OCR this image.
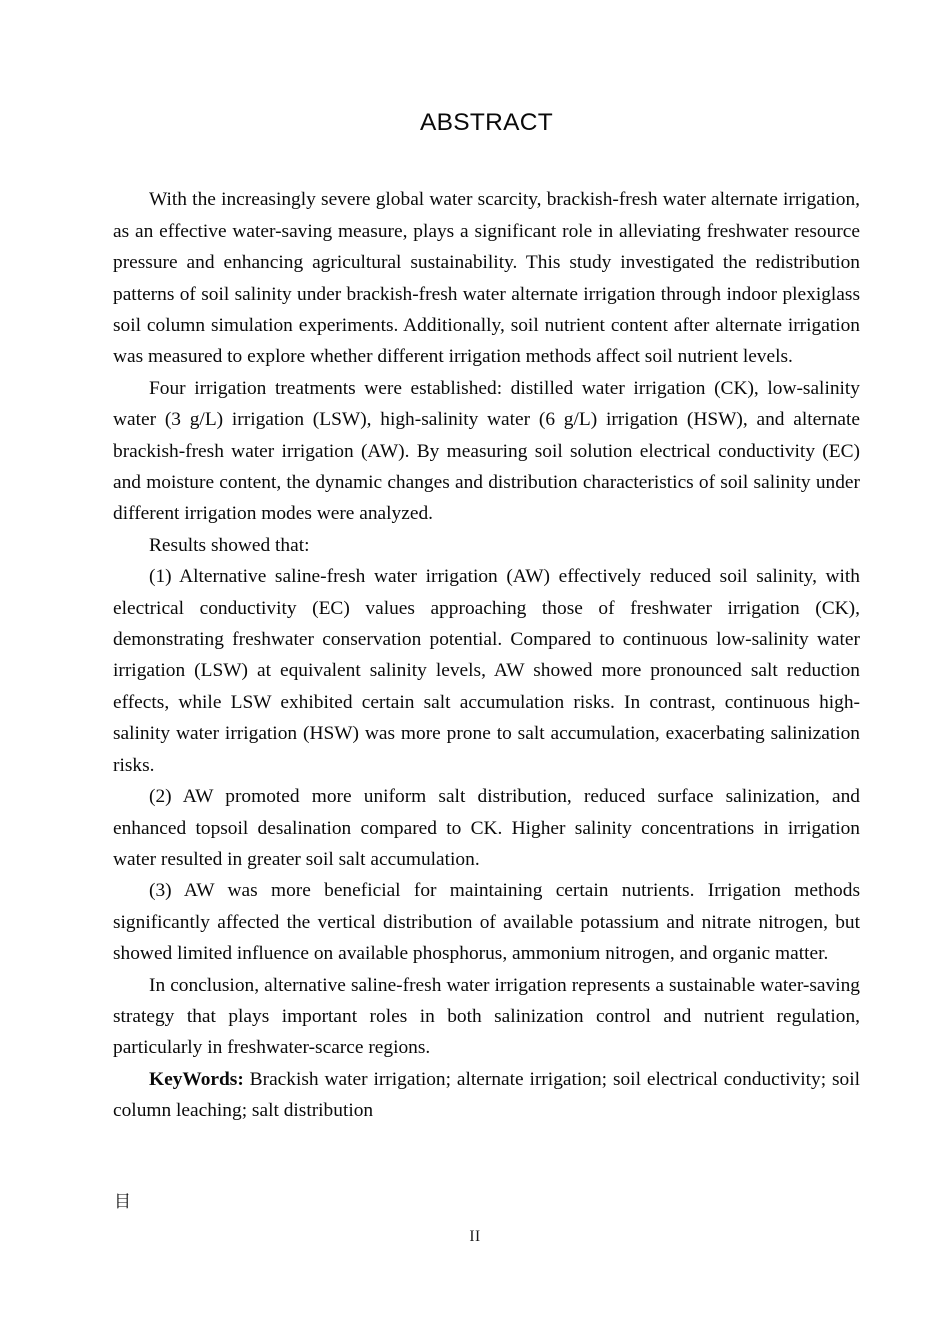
ABSTRACT

With the increasingly severe global water scarcity, brackish-fresh water alternate irrigation, as an effective water-saving measure, plays a significant role in alleviating freshwater resource pressure and enhancing agricultural sustainability. This study investigated the redistribution patterns of soil salinity under brackish-fresh water alternate irrigation through indoor plexiglass soil column simulation experiments. Additionally, soil nutrient content after alternate irrigation was measured to explore whether different irrigation methods affect soil nutrient levels.

Four irrigation treatments were established: distilled water irrigation (CK), low-salinity water (3 g/L) irrigation (LSW), high-salinity water (6 g/L) irrigation (HSW), and alternate brackish-fresh water irrigation (AW). By measuring soil solution electrical conductivity (EC) and moisture content, the dynamic changes and distribution characteristics of soil salinity under different irrigation modes were analyzed.

Results showed that:

(1) Alternative saline-fresh water irrigation (AW) effectively reduced soil salinity, with electrical conductivity (EC) values approaching those of freshwater irrigation (CK), demonstrating freshwater conservation potential. Compared to continuous low-salinity water irrigation (LSW) at equivalent salinity levels, AW showed more pronounced salt reduction effects, while LSW exhibited certain salt accumulation risks. In contrast, continuous high-salinity water irrigation (HSW) was more prone to salt accumulation, exacerbating salinization risks.

(2) AW promoted more uniform salt distribution, reduced surface salinization, and enhanced topsoil desalination compared to CK. Higher salinity concentrations in irrigation water resulted in greater soil salt accumulation.

(3) AW was more beneficial for maintaining certain nutrients. Irrigation methods significantly affected the vertical distribution of available potassium and nitrate nitrogen, but showed limited influence on available phosphorus, ammonium nitrogen, and organic matter.

In conclusion, alternative saline-fresh water irrigation represents a sustainable water-saving strategy that plays important roles in both salinization control and nutrient regulation, particularly in freshwater-scarce regions.

KeyWords: Brackish water irrigation; alternate irrigation; soil electrical conductivity; soil column leaching; salt distribution

目
II
